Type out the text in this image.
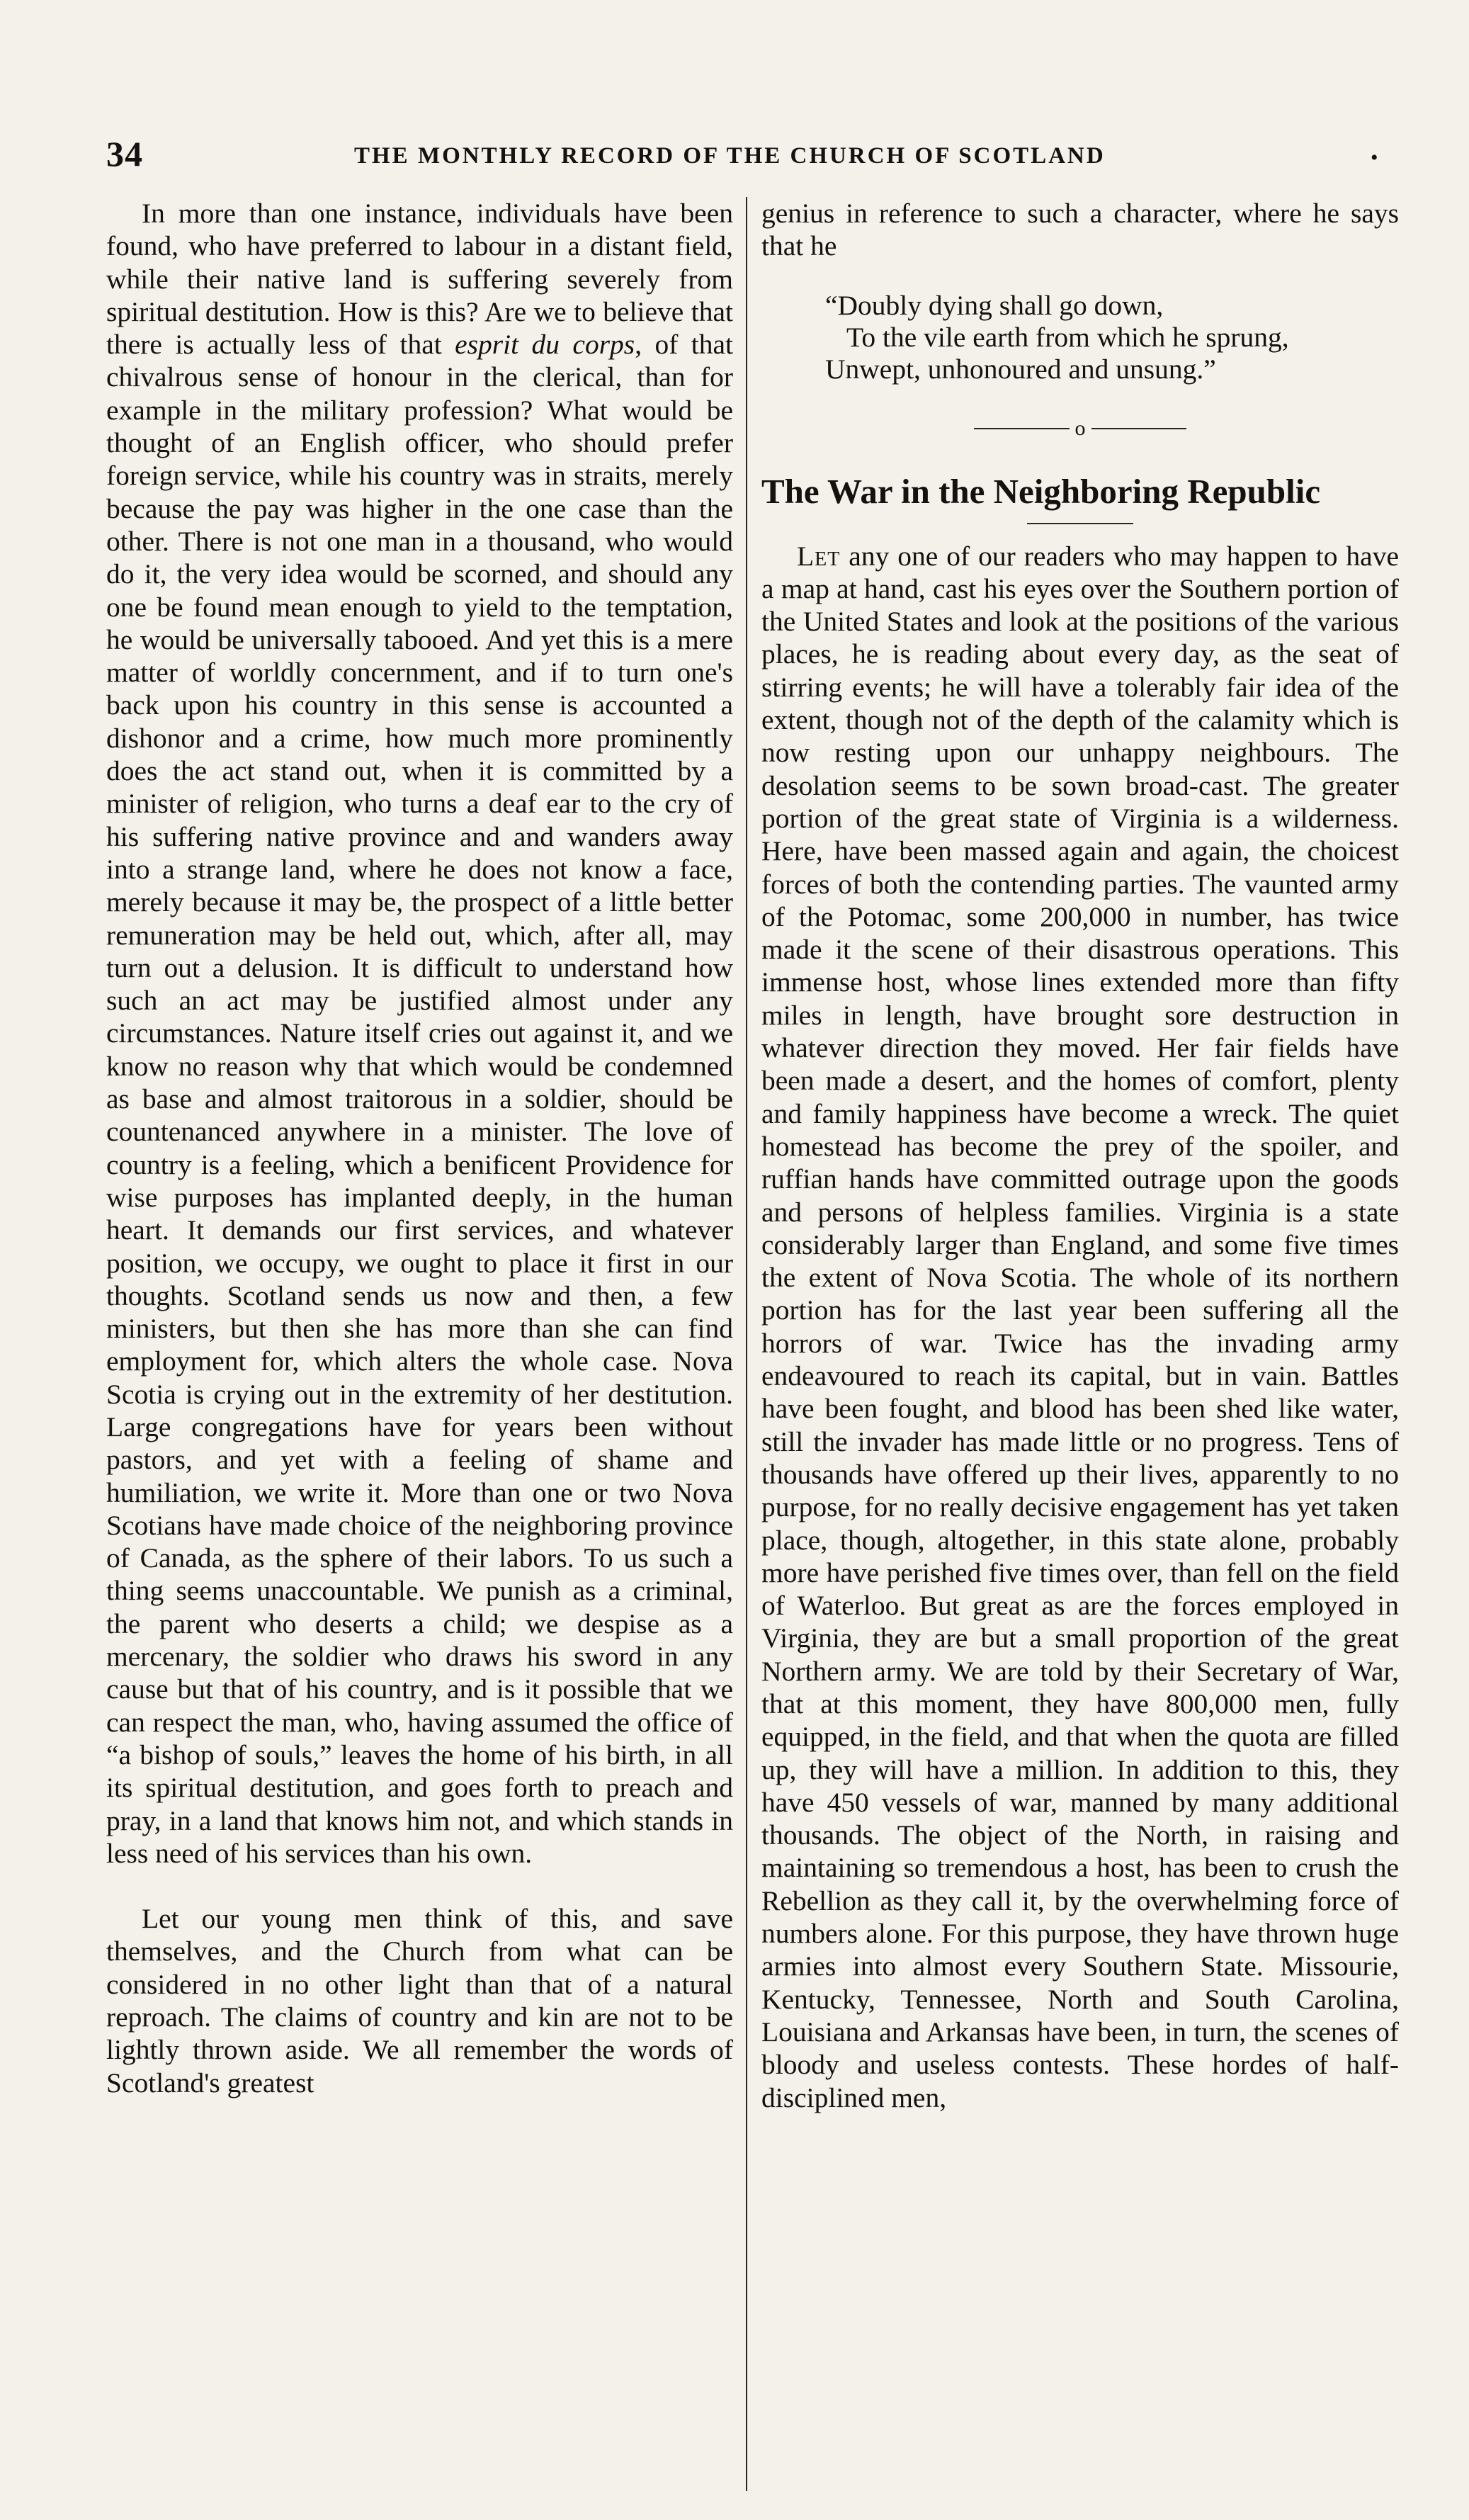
34	THE MONTHLY RECORD OF THE CHURCH OF SCOTLAND	•

In more than one instance, individuals have been found, who have preferred to labour in a distant field, while their native land is suffering severely from spiritual destitution. How is this? Are we to believe that there is actually less of that esprit du corps, of that chivalrous sense of honour in the clerical, than for example in the military profession? What would be thought of an English officer, who should prefer foreign service, while his country was in straits, merely because the pay was higher in the one case than the other. There is not one man in a thousand, who would do it, the very idea would be scorned, and should any one be found mean enough to yield to the temptation, he would be universally tabooed. And yet this is a mere matter of worldly concernment, and if to turn one's back upon his country in this sense is accounted a dishonor and a crime, how much more prominently does the act stand out, when it is committed by a minister of religion, who turns a deaf ear to the cry of his suffering native province and and wanders away into a strange land, where he does not know a face, merely because it may be, the prospect of a little better remuneration may be held out, which, after all, may turn out a delusion. It is difficult to understand how such an act may be justified almost under any circumstances. Nature itself cries out against it, and we know no reason why that which would be condemned as base and almost traitorous in a soldier, should be countenanced anywhere in a minister. The love of country is a feeling, which a benificent Providence for wise purposes has implanted deeply, in the human heart. It demands our first services, and whatever position, we occupy, we ought to place it first in our thoughts. Scotland sends us now and then, a few ministers, but then she has more than she can find employment for, which alters the whole case. Nova Scotia is crying out in the extremity of her destitution. Large congregations have for years been without pastors, and yet with a feeling of shame and humiliation, we write it. More than one or two Nova Scotians have made choice of the neighboring province of Canada, as the sphere of their labors. To us such a thing seems unaccountable. We punish as a criminal, the parent who deserts a child; we despise as a mercenary, the soldier who draws his sword in any cause but that of his country, and is it possible that we can respect the man, who, having assumed the office of “a bishop of souls,” leaves the home of his birth, in all its spiritual destitution, and goes forth to preach and pray, in a land that knows him not, and which stands in less need of his services than his own.

Let our young men think of this, and save themselves, and the Church from what can be considered in no other light than that of a natural reproach. The claims of country and kin are not to be lightly thrown aside. We all remember the words of Scotland's greatest

genius in reference to such a character, where he says that he

“Doubly dying shall go down,
To the vile earth from which he sprung,
Unwept, unhonoured and unsung.”
o
The War in the Neighboring Republic

Let any one of our readers who may happen to have a map at hand, cast his eyes over the Southern portion of the United States and look at the positions of the various places, he is reading about every day, as the seat of stirring events; he will have a tolerably fair idea of the extent, though not of the depth of the calamity which is now resting upon our unhappy neighbours. The desolation seems to be sown broad-cast. The greater portion of the great state of Virginia is a wilderness. Here, have been massed again and again, the choicest forces of both the contending parties. The vaunted army of the Potomac, some 200,000 in number, has twice made it the scene of their disastrous operations. This immense host, whose lines extended more than fifty miles in length, have brought sore destruction in whatever direction they moved. Her fair fields have been made a desert, and the homes of comfort, plenty and family happiness have become a wreck. The quiet homestead has become the prey of the spoiler, and ruffian hands have committed outrage upon the goods and persons of helpless families. Virginia is a state considerably larger than England, and some five times the extent of Nova Scotia. The whole of its northern portion has for the last year been suffering all the horrors of war. Twice has the invading army endeavoured to reach its capital, but in vain. Battles have been fought, and blood has been shed like water, still the invader has made little or no progress. Tens of thousands have offered up their lives, apparently to no purpose, for no really decisive engagement has yet taken place, though, altogether, in this state alone, probably more have perished five times over, than fell on the field of Waterloo. But great as are the forces employed in Virginia, they are but a small proportion of the great Northern army. We are told by their Secretary of War, that at this moment, they have 800,000 men, fully equipped, in the field, and that when the quota are filled up, they will have a million. In addition to this, they have 450 vessels of war, manned by many additional thousands. The object of the North, in raising and maintaining so tremendous a host, has been to crush the Rebellion as they call it, by the overwhelming force of numbers alone. For this purpose, they have thrown huge armies into almost every Southern State. Missourie, Kentucky, Tennessee, North and South Carolina, Louisiana and Arkansas have been, in turn, the scenes of bloody and useless contests. These hordes of half-disciplined men,
